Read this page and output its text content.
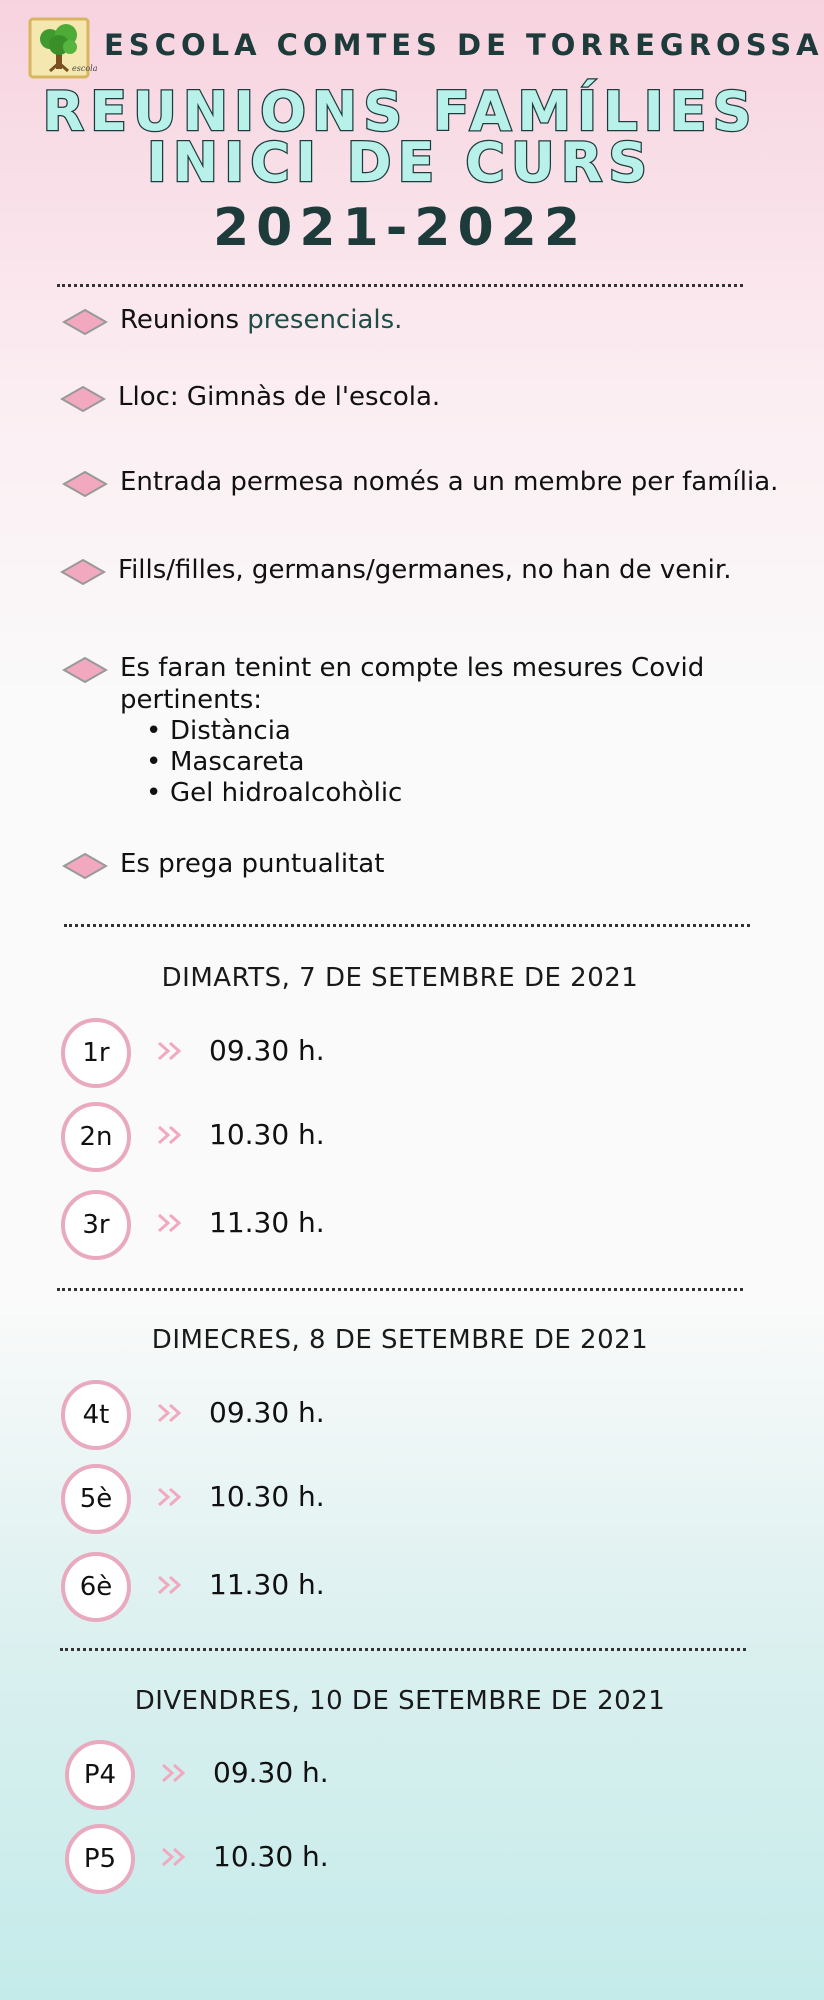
escola
ESCOLA COMTES DE TORREGROSSA
REUNIONS FAMÍLIES
INICI DE CURS
2021-2022
Reunions presencials.
Lloc: Gimnàs de l'escola.
Entrada permesa només a un membre per família.
Fills/filles, germans/germanes, no han de venir.
Es faran tenint en compte les mesures Covid
pertinents:
• Distància
• Mascareta
• Gel hidroalcohòlic
Es prega puntualitat
DIMARTS, 7 DE SETEMBRE DE 2021
1r	09.30 h.
2n	10.30 h.
3r	11.30 h.
DIMECRES, 8 DE SETEMBRE DE 2021
4t	09.30 h.
5è	10.30 h.
6è	11.30 h.
DIVENDRES, 10 DE SETEMBRE DE 2021
P4	09.30 h.
P5	10.30 h.
